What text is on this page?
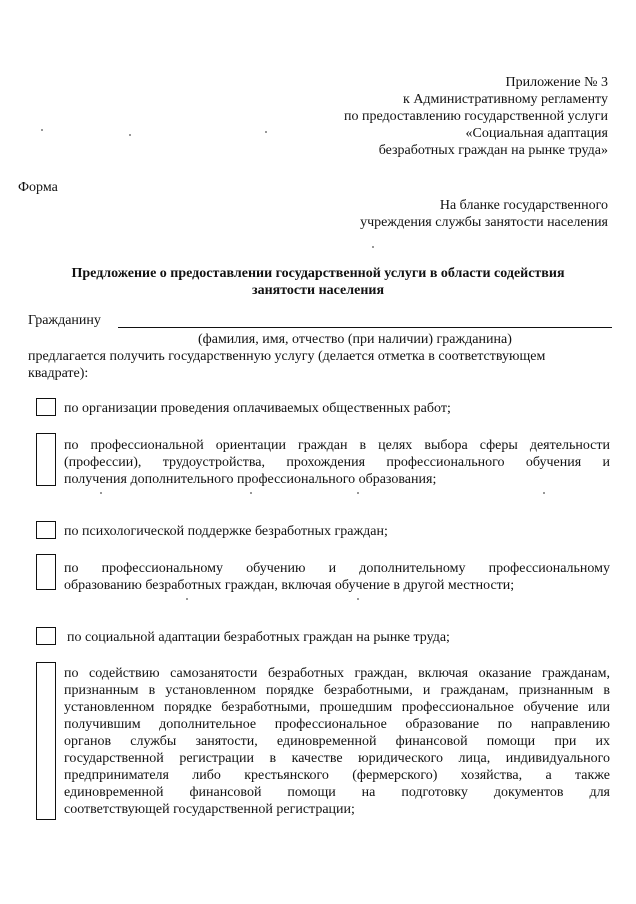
Приложение № 3
к Административному регламенту
по предоставлению государственной услуги
«Социальная адаптация
безработных граждан на рынке труда»
Форма
На бланке государственного
учреждения службы занятости населения
Предложение о предоставлении государственной услуги в области содействия
занятости населения
Гражданину
(фамилия, имя, отчество (при наличии) гражданина)
предлагается получить государственную услугу (делается отметка в соответствующем
квадрате):
по организации проведения оплачиваемых общественных работ;
по профессиональной ориентации граждан в целях выбора сферы деятельности
(профессии), трудоустройства, прохождения профессионального обучения и
получения дополнительного профессионального образования;
по психологической поддержке безработных граждан;
по профессиональному обучению и дополнительному профессиональному
образованию безработных граждан, включая обучение в другой местности;
по социальной адаптации безработных граждан на рынке труда;
по содействию самозанятости безработных граждан, включая оказание гражданам,
признанным в установленном порядке безработными, и гражданам, признанным в
установленном порядке безработными, прошедшим профессиональное обучение или
получившим дополнительное профессиональное образование по направлению
органов службы занятости, единовременной финансовой помощи при их
государственной регистрации в качестве юридического лица, индивидуального
предпринимателя либо крестьянского (фермерского) хозяйства, а также
единовременной финансовой помощи на подготовку документов для
соответствующей государственной регистрации;
